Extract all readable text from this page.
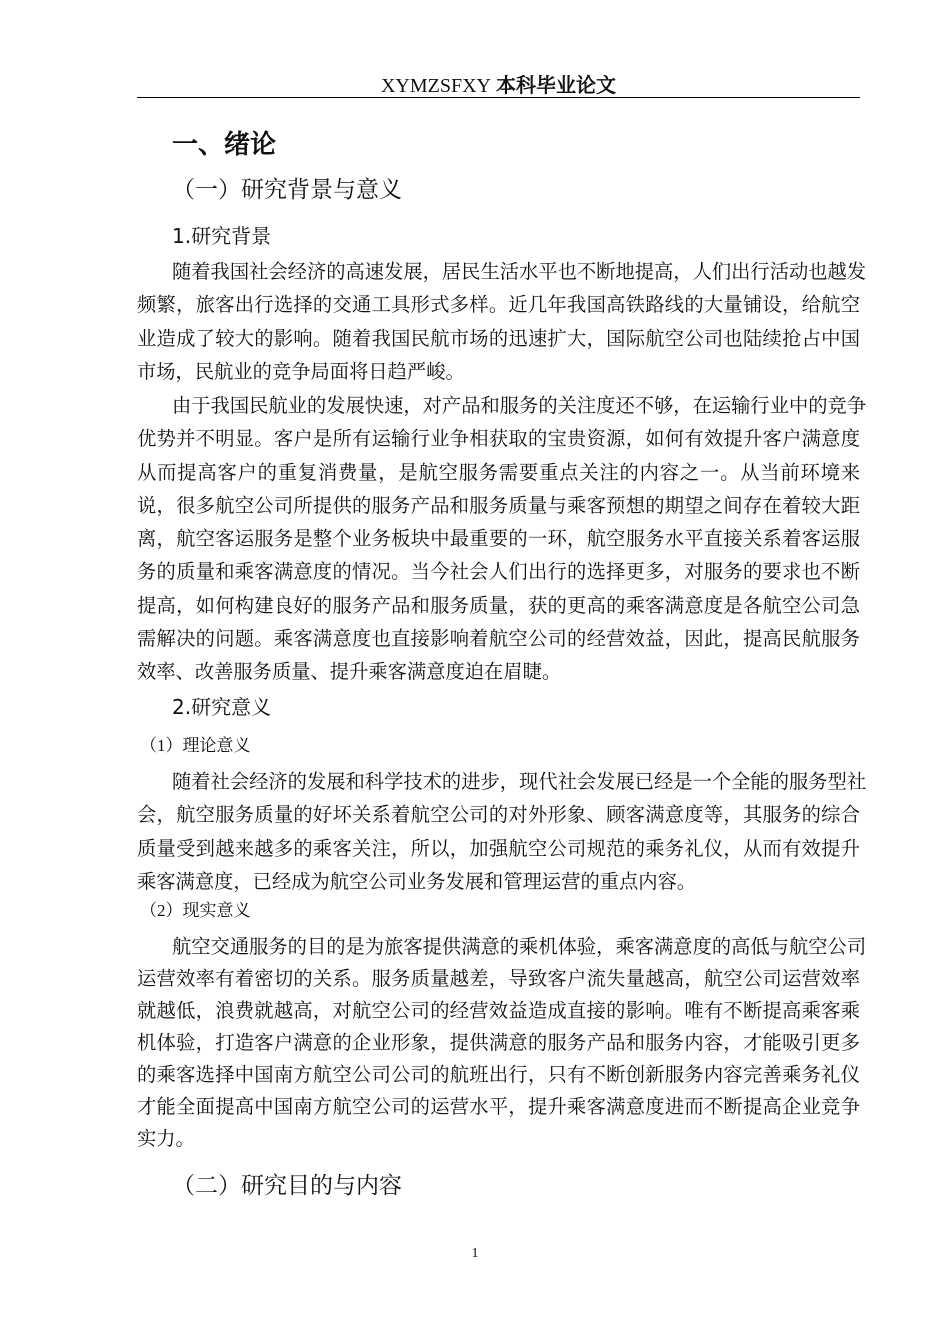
XYMZSFXY 本科毕业论文
一、绪论
（一）研究背景与意义
1.研究背景
随着我国社会经济的高速发展，居民生活水平也不断地提高，人们出行活动也越发
频繁，旅客出行选择的交通工具形式多样。近几年我国高铁路线的大量铺设，给航空
业造成了较大的影响。随着我国民航市场的迅速扩大，国际航空公司也陆续抢占中国
市场，民航业的竞争局面将日趋严峻。
由于我国民航业的发展快速，对产品和服务的关注度还不够，在运输行业中的竞争
优势并不明显。客户是所有运输行业争相获取的宝贵资源，如何有效提升客户满意度
从而提高客户的重复消费量，是航空服务需要重点关注的内容之一。从当前环境来
说，很多航空公司所提供的服务产品和服务质量与乘客预想的期望之间存在着较大距
离，航空客运服务是整个业务板块中最重要的一环，航空服务水平直接关系着客运服
务的质量和乘客满意度的情况。当今社会人们出行的选择更多，对服务的要求也不断
提高，如何构建良好的服务产品和服务质量，获的更高的乘客满意度是各航空公司急
需解决的问题。乘客满意度也直接影响着航空公司的经营效益，因此，提高民航服务
效率、改善服务质量、提升乘客满意度迫在眉睫。
2.研究意义
（1）理论意义
随着社会经济的发展和科学技术的进步，现代社会发展已经是一个全能的服务型社
会，航空服务质量的好坏关系着航空公司的对外形象、顾客满意度等，其服务的综合
质量受到越来越多的乘客关注，所以，加强航空公司规范的乘务礼仪，从而有效提升
乘客满意度，已经成为航空公司业务发展和管理运营的重点内容。
（2）现实意义
航空交通服务的目的是为旅客提供满意的乘机体验，乘客满意度的高低与航空公司
运营效率有着密切的关系。服务质量越差，导致客户流失量越高，航空公司运营效率
就越低，浪费就越高，对航空公司的经营效益造成直接的影响。唯有不断提高乘客乘
机体验，打造客户满意的企业形象，提供满意的服务产品和服务内容，才能吸引更多
的乘客选择中国南方航空公司公司的航班出行，只有不断创新服务内容完善乘务礼仪
才能全面提高中国南方航空公司的运营水平，提升乘客满意度进而不断提高企业竞争
实力。
（二）研究目的与内容
1
